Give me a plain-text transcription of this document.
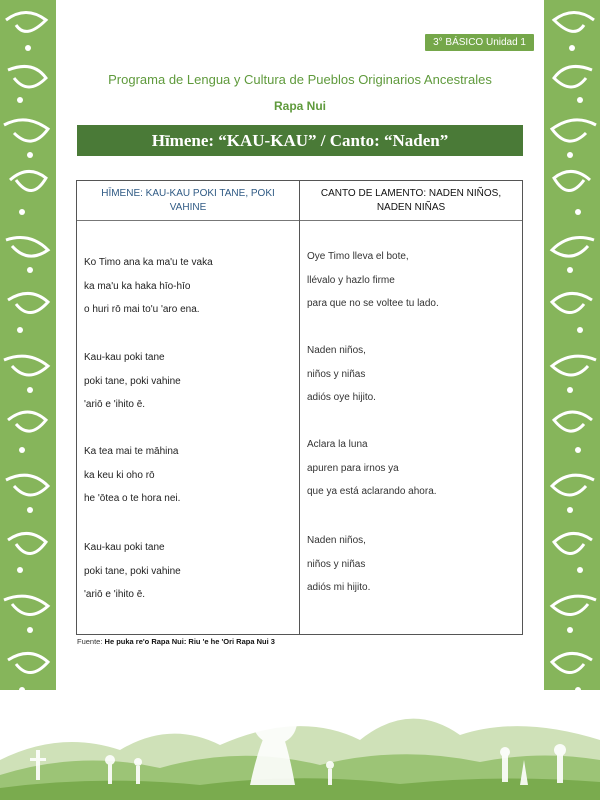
3° BÁSICO Unidad 1
Programa de Lengua y Cultura de Pueblos Originarios Ancestrales
Rapa Nui
Hīmene: “KAU-KAU” / Canto: “Naden”
HĪMENE: KAU-KAU POKI TANE, POKI VAHINE
Ko Timo ana ka ma'u te vaka
ka ma'u ka haka hīo-hīo
o huri rō mai to'u 'aro ena.
Kau-kau poki tane
poki tane, poki vahine
'ariō e 'ihito ē.
Ka tea mai te māhina
ka keu ki oho rō
he 'ōtea o te hora nei.
Kau-kau poki tane
poki tane, poki vahine
'ariō e 'ihito ē.
CANTO DE LAMENTO: NADEN NIÑOS, NADEN NIÑAS
Oye Timo lleva el bote,
llévalo y hazlo firme
para que no se voltee tu lado.
Naden niños,
niños y niñas
adiós oye hijito.
Aclara la luna
apuren para irnos ya
que ya está aclarando ahora.
Naden niños,
niños y niñas
adiós mi hijito.
Fuente: He puka re'o Rapa Nui: Riu 'e he 'Ori Rapa Nui 3
